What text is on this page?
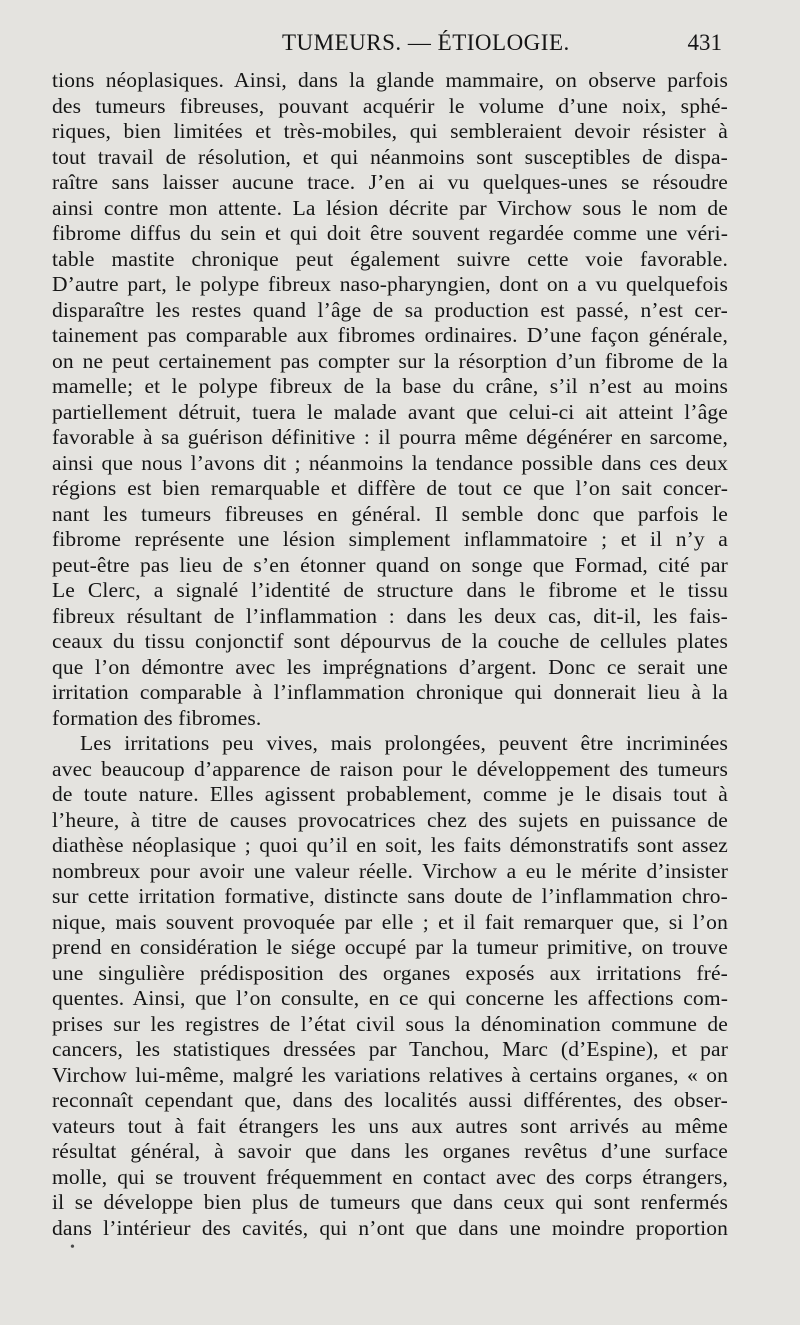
TUMEURS. — ÉTIOLOGIE.	431
tions néoplasiques. Ainsi, dans la glande mammaire, on observe parfois
des tumeurs fibreuses, pouvant acquérir le volume d’une noix, sphé-
riques, bien limitées et très-mobiles, qui sembleraient devoir résister à
tout travail de résolution, et qui néanmoins sont susceptibles de dispa-
raître sans laisser aucune trace. J’en ai vu quelques-unes se résoudre
ainsi contre mon attente. La lésion décrite par Virchow sous le nom de
fibrome diffus du sein et qui doit être souvent regardée comme une véri-
table mastite chronique peut également suivre cette voie favorable.
D’autre part, le polype fibreux naso-pharyngien, dont on a vu quelquefois
disparaître les restes quand l’âge de sa production est passé, n’est cer-
tainement pas comparable aux fibromes ordinaires. D’une façon générale,
on ne peut certainement pas compter sur la résorption d’un fibrome de la
mamelle; et le polype fibreux de la base du crâne, s’il n’est au moins
partiellement détruit, tuera le malade avant que celui-ci ait atteint l’âge
favorable à sa guérison définitive : il pourra même dégénérer en sarcome,
ainsi que nous l’avons dit ; néanmoins la tendance possible dans ces deux
régions est bien remarquable et diffère de tout ce que l’on sait concer-
nant les tumeurs fibreuses en général. Il semble donc que parfois le
fibrome représente une lésion simplement inflammatoire ; et il n’y a
peut-être pas lieu de s’en étonner quand on songe que Formad, cité par
Le Clerc, a signalé l’identité de structure dans le fibrome et le tissu
fibreux résultant de l’inflammation : dans les deux cas, dit-il, les fais-
ceaux du tissu conjonctif sont dépourvus de la couche de cellules plates
que l’on démontre avec les imprégnations d’argent. Donc ce serait une
irritation comparable à l’inflammation chronique qui donnerait lieu à la
formation des fibromes.
Les irritations peu vives, mais prolongées, peuvent être incriminées
avec beaucoup d’apparence de raison pour le développement des tumeurs
de toute nature. Elles agissent probablement, comme je le disais tout à
l’heure, à titre de causes provocatrices chez des sujets en puissance de
diathèse néoplasique ; quoi qu’il en soit, les faits démonstratifs sont assez
nombreux pour avoir une valeur réelle. Virchow a eu le mérite d’insister
sur cette irritation formative, distincte sans doute de l’inflammation chro-
nique, mais souvent provoquée par elle ; et il fait remarquer que, si l’on
prend en considération le siége occupé par la tumeur primitive, on trouve
une singulière prédisposition des organes exposés aux irritations fré-
quentes. Ainsi, que l’on consulte, en ce qui concerne les affections com-
prises sur les registres de l’état civil sous la dénomination commune de
cancers, les statistiques dressées par Tanchou, Marc (d’Espine), et par
Virchow lui-même, malgré les variations relatives à certains organes, « on
reconnaît cependant que, dans des localités aussi différentes, des obser-
vateurs tout à fait étrangers les uns aux autres sont arrivés au même
résultat général, à savoir que dans les organes revêtus d’une surface
molle, qui se trouvent fréquemment en contact avec des corps étrangers,
il se développe bien plus de tumeurs que dans ceux qui sont renfermés
dans l’intérieur des cavités, qui n’ont que dans une moindre proportion
•
